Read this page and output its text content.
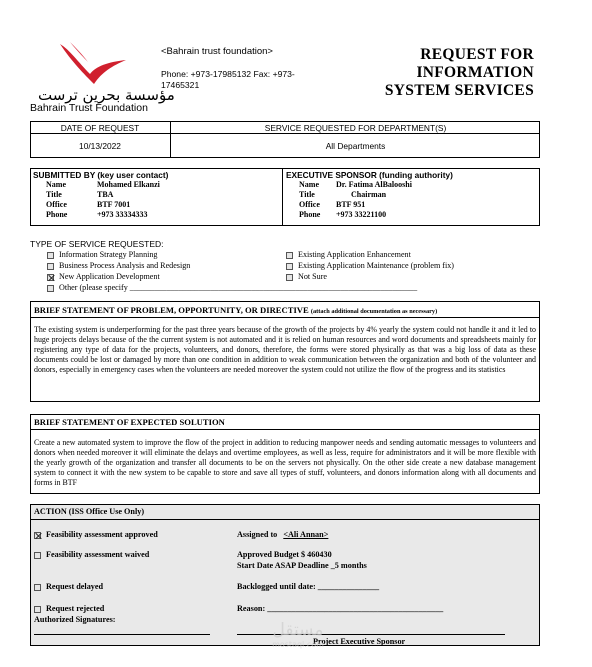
مؤسسة بحرين ترست
Bahrain Trust Foundation
<Bahrain trust foundation>
Phone: +973-17985132 Fax: +973-
17465321
REQUEST FOR
INFORMATION
SYSTEM SERVICES
DATE OF REQUEST	SERVICE REQUESTED FOR DEPARTMENT(S)
10/13/2022	All Departments
SUBMITTED BY (key user contact)
Name
Title
Office
Phone
Mohamed Elkanzi
TBA
BTF 7001
+973 33334333
EXECUTIVE SPONSOR (funding authority)
Name
Title
Office
Phone
Dr. Fatima AlBalooshi
Chairman
BTF 951
+973 33221100
TYPE OF SERVICE REQUESTED:
Information Strategy Planning
Business Process Analysis and Redesign
New Application Development
Other (please specify _______________________________________________________________________
Existing Application Enhancement
Existing Application Maintenance (problem fix)
Not Sure
BRIEF STATEMENT OF PROBLEM, OPPORTUNITY, OR DIRECTIVE (attach additional documentation as necessary)
The existing system is underperforming for the past three years because of the growth of the projects by 4% yearly the system could not handle it and it led to huge projects delays because of the the current system is not automated and it is relied on human resources and word documents and spreadsheets mainly for registering any type of data for the projects, volunteers, and donors, therefore, the forms were stored physically as that was a big loss of data as these documents could be lost or damaged by more than one condition in addition to weak communication between the organization and both of the volunteer and donors, especially in emergency cases when the volunteers are needed moreover the system could not utilize the flow of the progress and its statistics
BRIEF STATEMENT OF EXPECTED SOLUTION
Create a new automated system to improve the flow of the project in addition to reducing manpower needs and sending automatic messages to volunteers and donors when needed moreover it will eliminate the delays and overtime employees, as well as less, require for administrators and it will be more flexible with the yearly growth of the organization and transfer all documents to be on the servers not physically. On the other side create a new database management system to connect it with the new system to be capable to store and save all types of stuff, volunteers, and donors information along with all documents and forms in BTF
ACTION (ISS Office Use Only)
Feasibility assessment approved
Feasibility assessment waived
Request delayed
Request rejected
Authorized Signatures:
Assigned to <Ali Annan>
Approved Budget $ 460430
Start Date ASAP Deadline _5 months
Backlogged until date: _______________
Reason: ___________________________________________
Project Executive Sponsor
مستقل
mostaql.com
